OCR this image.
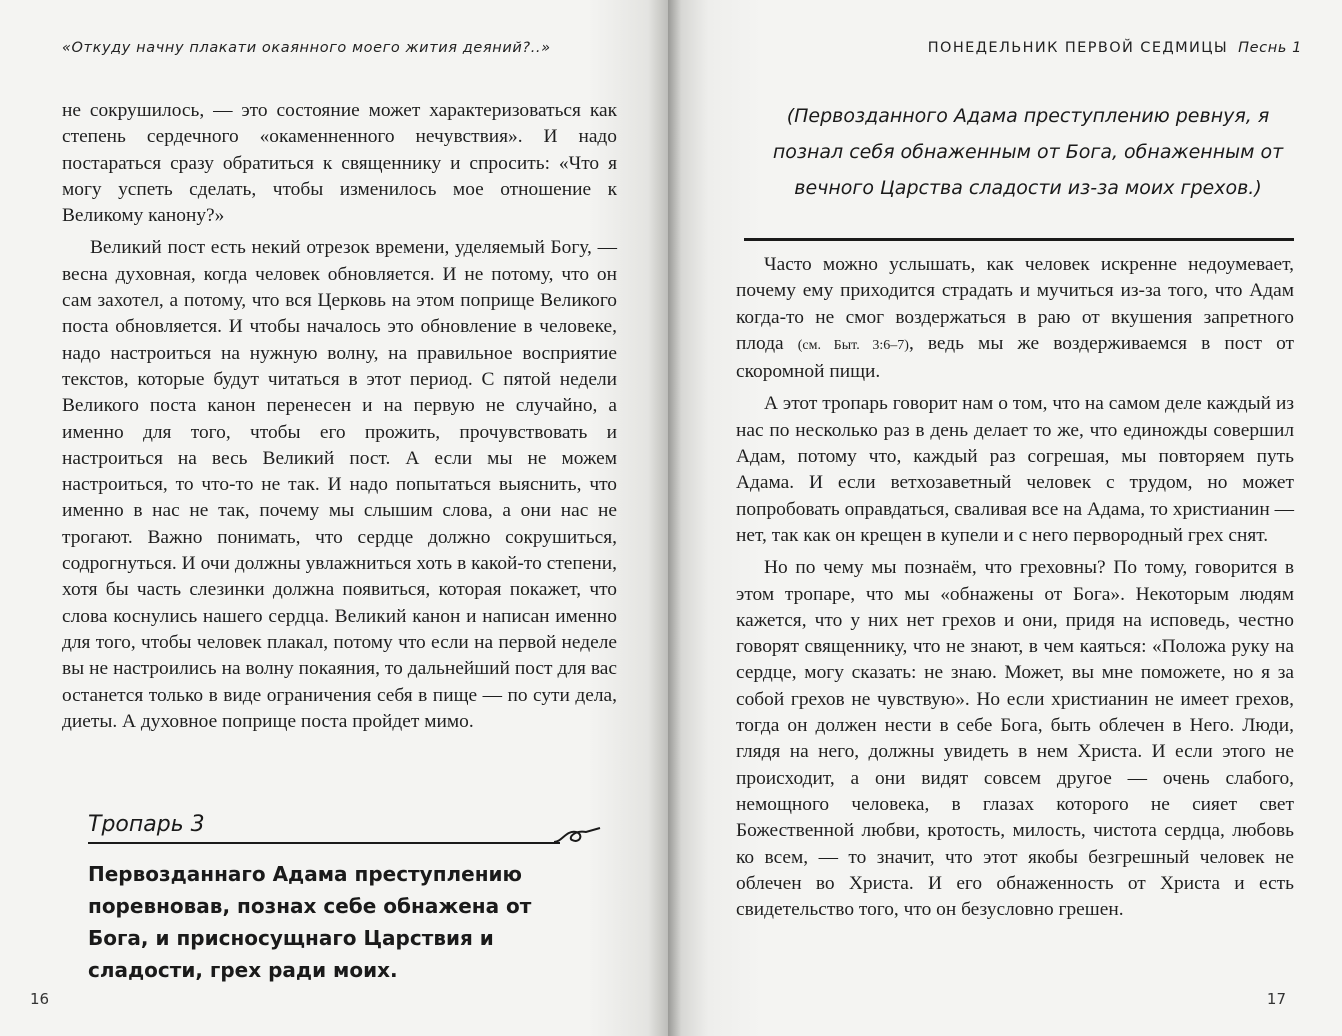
«Откуду начну плакати окаянного моего жития деяний?..»

не сокрушилось, — это состояние может характеризоваться как степень сердечного «окаменненного нечувствия». И надо постараться сразу обратиться к священнику и спросить: «Что я могу успеть сделать, чтобы изменилось мое отношение к Великому канону?»

Великий пост есть некий отрезок времени, уделяемый Богу, — весна духовная, когда человек обновляется. И не потому, что он сам захотел, а потому, что вся Церковь на этом поприще Великого поста обновляется. И чтобы началось это обновление в человеке, надо настроиться на нужную волну, на правильное восприятие текстов, которые будут читаться в этот период. С пятой недели Великого поста канон перенесен и на первую не случайно, а именно для того, чтобы его прожить, прочувствовать и настроиться на весь Великий пост. А если мы не можем настроиться, то что-то не так. И надо попытаться выяснить, что именно в нас не так, почему мы слышим слова, а они нас не трогают. Важно понимать, что сердце должно сокрушиться, содрогнуться. И очи должны увлажниться хоть в какой-то степени, хотя бы часть слезинки должна появиться, которая покажет, что слова коснулись нашего сердца. Великий канон и написан именно для того, чтобы человек плакал, потому что если на первой неделе вы не настроились на волну покаяния, то дальнейший пост для вас останется только в виде ограничения себя в пище — по сути дела, диеты. А духовное поприще поста пройдет мимо.

Тропарь 3
Первозданнаго Адама преступлению поревновав, познах себе обнажена от Бога, и присносущнаго Царствия и сладости, грех ради моих.
16
ПОНЕДЕЛЬНИК ПЕРВОЙ СЕДМИЦЫ Песнь 1
(Первозданного Адама преступлению ревнуя, я познал себя обнаженным от Бога, обнаженным от вечного Царства сладости из-за моих грехов.)

Часто можно услышать, как человек искренне недоумевает, почему ему приходится страдать и мучиться из-за того, что Адам когда-то не смог воздержаться в раю от вкушения запретного плода (см. Быт. 3:6–7), ведь мы же воздерживаемся в пост от скоромной пищи.

А этот тропарь говорит нам о том, что на самом деле каждый из нас по несколько раз в день делает то же, что единожды совершил Адам, потому что, каждый раз согрешая, мы повторяем путь Адама. И если ветхозаветный человек с трудом, но может попробовать оправдаться, сваливая все на Адама, то христианин — нет, так как он крещен в купели и с него первородный грех снят.

Но по чему мы познаём, что греховны? По тому, говорится в этом тропаре, что мы «обнажены от Бога». Некоторым людям кажется, что у них нет грехов и они, придя на исповедь, честно говорят священнику, что не знают, в чем каяться: «Положа руку на сердце, могу сказать: не знаю. Может, вы мне поможете, но я за собой грехов не чувствую». Но если христианин не имеет грехов, тогда он должен нести в себе Бога, быть облечен в Него. Люди, глядя на него, должны увидеть в нем Христа. И если этого не происходит, а они видят совсем другое — очень слабого, немощного человека, в глазах которого не сияет свет Божественной любви, кротость, милость, чистота сердца, любовь ко всем, — то значит, что этот якобы безгрешный человек не облечен во Христа. И его обнаженность от Христа и есть свидетельство того, что он безусловно грешен.

17
